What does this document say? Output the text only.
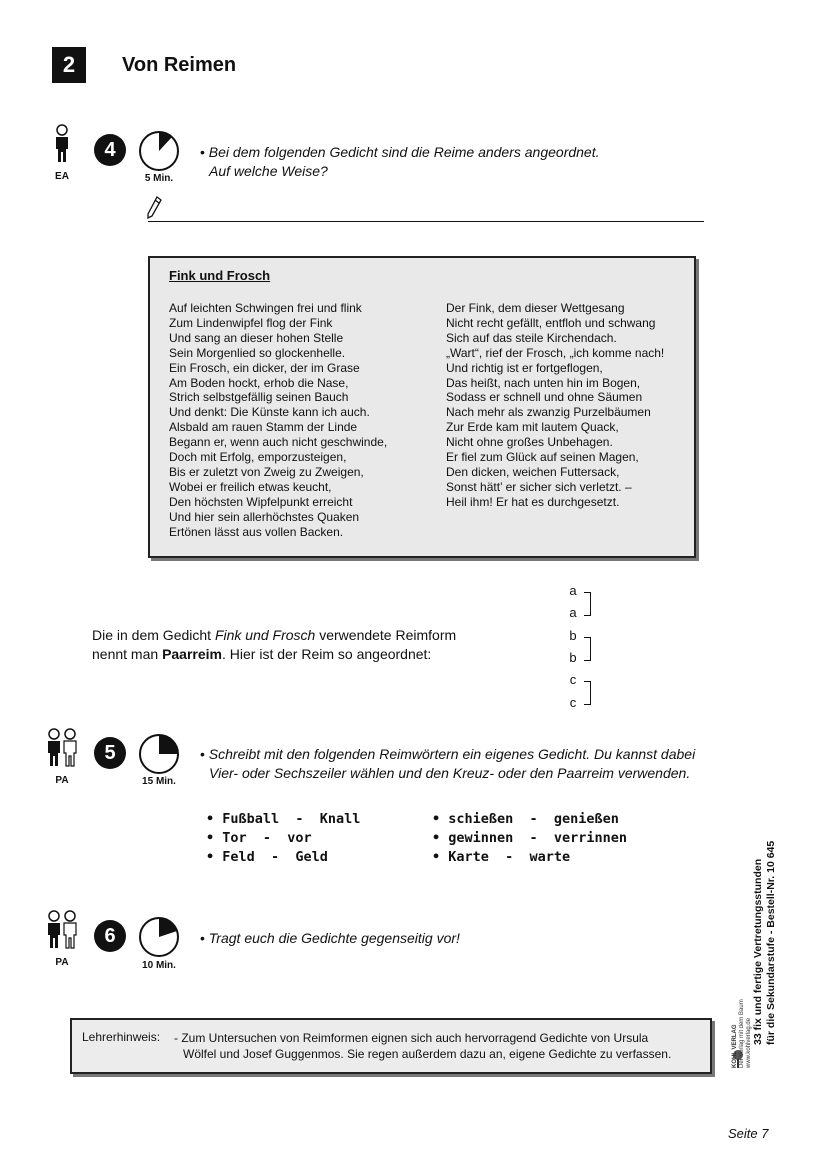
2	Von Reimen
EA
4
5 Min.
• Bei dem folgenden Gedicht sind die Reime anders angeordnet.
Auf welche Weise?
Fink und Frosch
Auf leichten Schwingen frei und flink
Zum Lindenwipfel flog der Fink
Und sang an dieser hohen Stelle
Sein Morgenlied so glockenhelle.
Ein Frosch, ein dicker, der im Grase
Am Boden hockt, erhob die Nase,
Strich selbstgefällig seinen Bauch
Und denkt: Die Künste kann ich auch.
Alsbald am rauen Stamm der Linde
Begann er, wenn auch nicht geschwinde,
Doch mit Erfolg, emporzusteigen,
Bis er zuletzt von Zweig zu Zweigen,
Wobei er freilich etwas keucht,
Den höchsten Wipfelpunkt erreicht
Und hier sein allerhöchstes Quaken
Ertönen lässt aus vollen Backen.
Der Fink, dem dieser Wettgesang
Nicht recht gefällt, entfloh und schwang
Sich auf das steile Kirchendach.
„Wart“, rief der Frosch, „ich komme nach!
Und richtig ist er fortgeflogen,
Das heißt, nach unten hin im Bogen,
Sodass er schnell und ohne Säumen
Nach mehr als zwanzig Purzelbäumen
Zur Erde kam mit lautem Quack,
Nicht ohne großes Unbehagen.
Er fiel zum Glück auf seinen Magen,
Den dicken, weichen Futtersack,
Sonst hätt’ er sicher sich verletzt. –
Heil ihm! Er hat es durchgesetzt.
Die in dem Gedicht Fink und Frosch verwendete Reimform
nennt man Paarreim. Hier ist der Reim so angeordnet:
a
a
b
b
c
c
PA
5
15 Min.
• Schreibt mit den folgenden Reimwörtern ein eigenes Gedicht. Du kannst dabei
Vier- oder Sechszeiler wählen und den Kreuz- oder den Paarreim verwenden.
• Fußball  -  Knall
• Tor  -  vor
• Feld  -  Geld
• schießen  -  genießen
• gewinnen  -  verrinnen
• Karte  -  warte
PA
6
10 Min.
• Tragt euch die Gedichte gegenseitig vor!
Lehrerhinweis: - Zum Untersuchen von Reimformen eignen sich auch hervorragend Gedichte von Ursula
Wölfel und Josef Guggenmos. Sie regen außerdem dazu an, eigene Gedichte zu verfassen.
33 fix und fertige Vertretungsstunden für die Sekundarstufe - Bestell-Nr. 10 645
KOHL VERLAG Der Verlag mit dem Baum www.kohlverlag.de
Seite 7
